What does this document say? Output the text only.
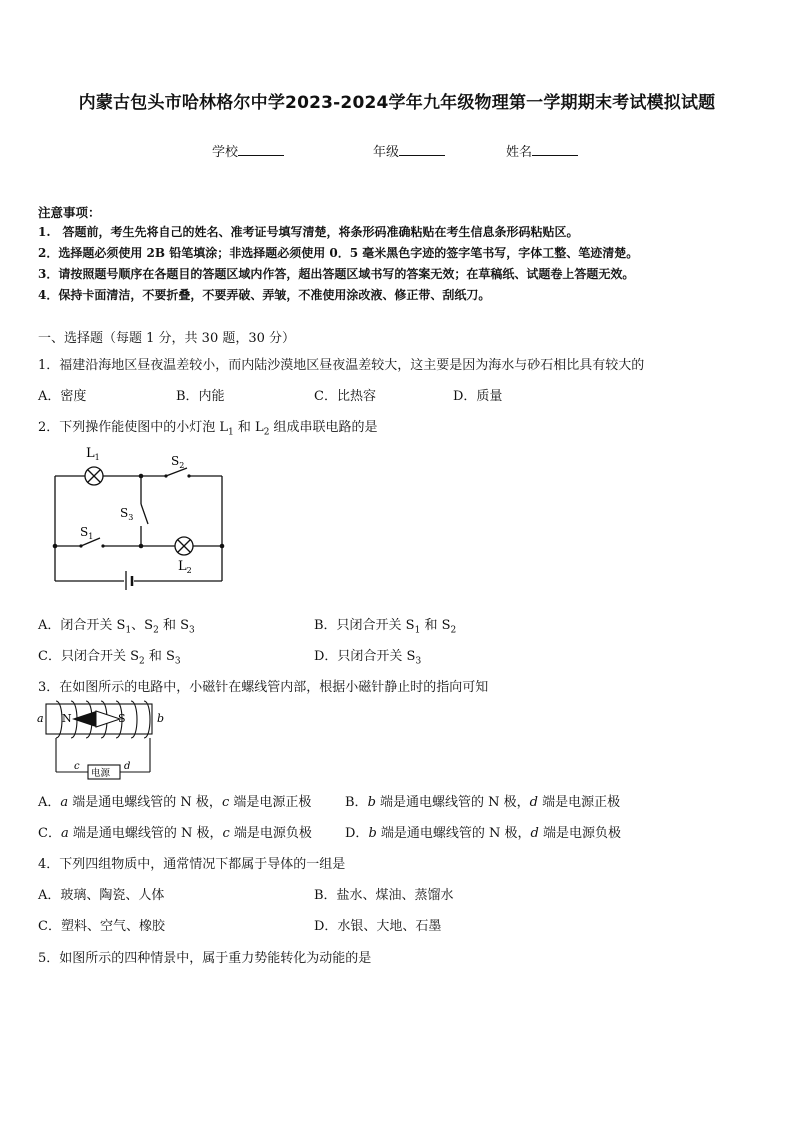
内蒙古包头市哈林格尔中学2023-2024学年九年级物理第一学期期末考试模拟试题
学校	年级	姓名
注意事项：
1.　答题前，考生先将自己的姓名、准考证号填写清楚，将条形码准确粘贴在考生信息条形码粘贴区。
2．选择题必须使用 2B 铅笔填涂；非选择题必须使用 0．5 毫米黑色字迹的签字笔书写，字体工整、笔迹清楚。
3．请按照题号顺序在各题目的答题区域内作答，超出答题区域书写的答案无效；在草稿纸、试题卷上答题无效。
4．保持卡面清洁，不要折叠，不要弄破、弄皱，不准使用涂改液、修正带、刮纸刀。
一、选择题（每题 1 分，共 30 题，30 分）
1．福建沿海地区昼夜温差较小，而内陆沙漠地区昼夜温差较大，这主要是因为海水与砂石相比具有较大的
A．密度	B．内能	C．比热容	D．质量
2．下列操作能使图中的小灯泡 $L_1$ 和 $L_2$ 组成串联电路的是
$L_1$	$S_2$
$S_3$
$S_1$
$L_2$
A．闭合开关 $S_1$、$S_2$ 和 $S_3$	B．只闭合开关 $S_1$ 和 $S_2$
C．只闭合开关 $S_2$ 和 $S_3$	D．只闭合开关 $S_3$
3．在如图所示的电路中，小磁针在螺线管内部，根据小磁针静止时的指向可知
a	b
N	S
c	d
电源
A．a 端是通电螺线管的 N 极，c 端是电源正极	B．b 端是通电螺线管的 N 极，d 端是电源正极
C．a 端是通电螺线管的 N 极，c 端是电源负极	D．b 端是通电螺线管的 N 极，d 端是电源负极
4．下列四组物质中，通常情况下都属于导体的一组是
A．玻璃、陶瓷、人体	B．盐水、煤油、蒸馏水
C．塑料、空气、橡胶	D．水银、大地、石墨
5．如图所示的四种情景中，属于重力势能转化为动能的是
